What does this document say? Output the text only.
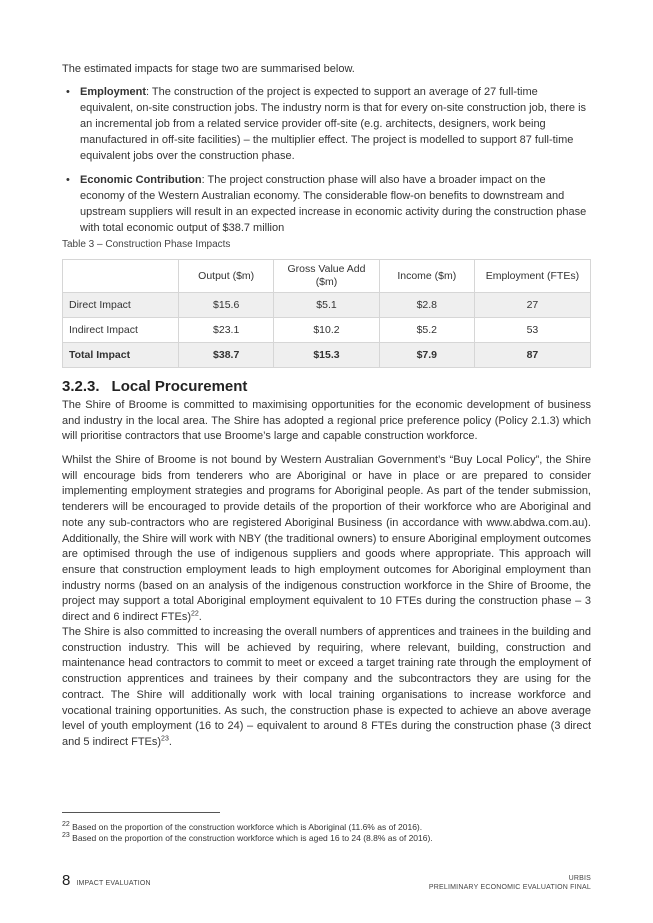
The estimated impacts for stage two are summarised below.
• Employment: The construction of the project is expected to support an average of 27 full-time equivalent, on-site construction jobs. The industry norm is that for every on-site construction job, there is an incremental job from a related service provider off-site (e.g. architects, designers, work being manufactured in off-site facilities) – the multiplier effect. The project is modelled to support 87 full-time equivalent jobs over the construction phase.
• Economic Contribution: The project construction phase will also have a broader impact on the economy of the Western Australian economy. The considerable flow-on benefits to downstream and upstream suppliers will result in an expected increase in economic activity during the construction phase with total economic output of $38.7 million
Table 3 – Construction Phase Impacts
	Output ($m)	Gross Value Add ($m)	Income ($m)	Employment (FTEs)
Direct Impact	$15.6	$5.1	$2.8	27
Indirect Impact	$23.1	$10.2	$5.2	53
Total Impact	$38.7	$15.3	$7.9	87
3.2.3. Local Procurement

The Shire of Broome is committed to maximising opportunities for the economic development of business and industry in the local area. The Shire has adopted a regional price preference policy (Policy 2.1.3) which will prioritise contractors that use Broome’s large and capable construction workforce.

Whilst the Shire of Broome is not bound by Western Australian Government’s “Buy Local Policy”, the Shire will encourage bids from tenderers who are Aboriginal or have in place or are prepared to consider implementing employment strategies and programs for Aboriginal people. As part of the tender submission, tenderers will be encouraged to provide details of the proportion of their workforce who are Aboriginal and note any sub-contractors who are registered Aboriginal Business (in accordance with www.abdwa.com.au). Additionally, the Shire will work with NBY (the traditional owners) to ensure Aboriginal employment outcomes are optimised through the use of indigenous suppliers and goods where appropriate. This approach will ensure that construction employment leads to high employment outcomes for Aboriginal employment than industry norms (based on an analysis of the indigenous construction workforce in the Shire of Broome, the project may support a total Aboriginal employment equivalent to 10 FTEs during the construction phase – 3 direct and 6 indirect FTEs)$^{22}$.

The Shire is also committed to increasing the overall numbers of apprentices and trainees in the building and construction industry. This will be achieved by requiring, where relevant, building, construction and maintenance head contractors to commit to meet or exceed a target training rate through the employment of construction apprentices and trainees by their company and the subcontractors they are using for the contract. The Shire will additionally work with local training organisations to increase workforce and vocational training opportunities. As such, the construction phase is expected to achieve an above average level of youth employment (16 to 24) – equivalent to around 8 FTEs during the construction phase (3 direct and 5 indirect FTEs)$^{23}$.

$^{22}$ Based on the proportion of the construction workforce which is Aboriginal (11.6% as of 2016).
$^{23}$ Based on the proportion of the construction workforce which is aged 16 to 24 (8.8% as of 2016).
8 IMPACT EVALUATION
URBIS
PRELIMINARY ECONOMIC EVALUATION FINAL
